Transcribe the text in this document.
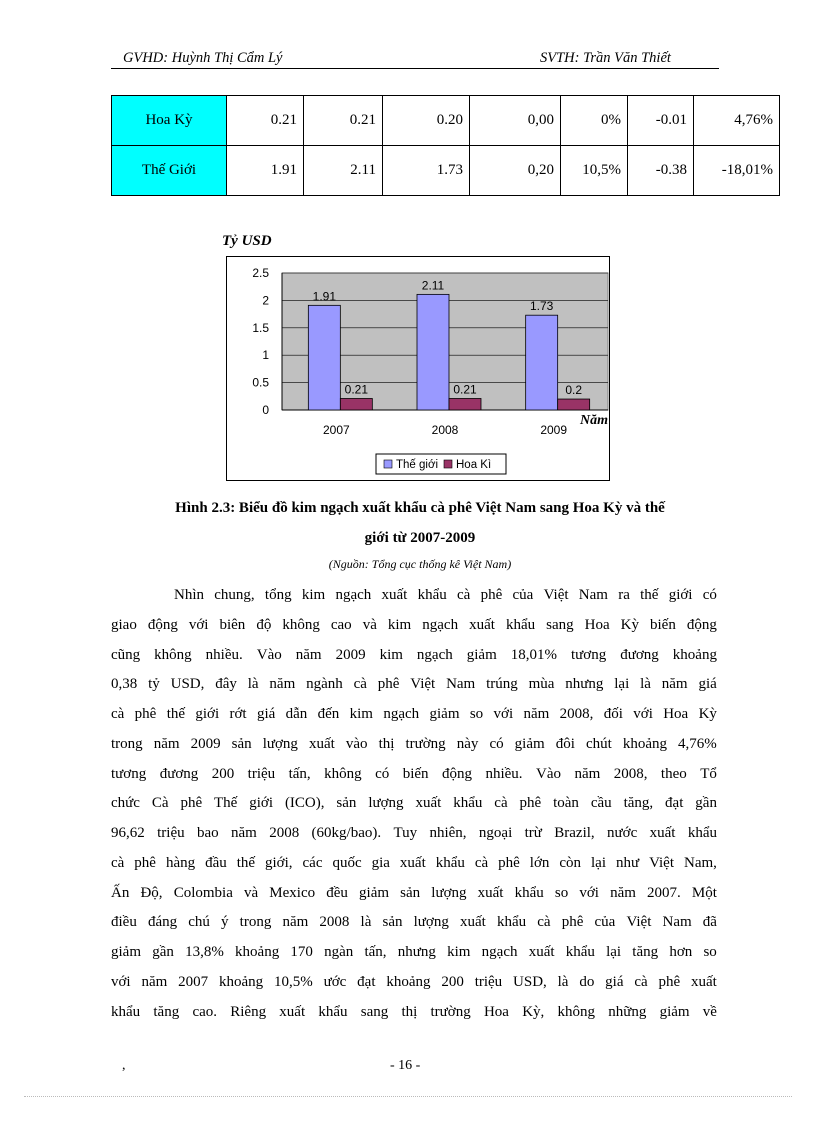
GVHD: Huỳnh Thị Cẩm Lý	SVTH: Trần Văn Thiết
Hoa Kỳ	0.21	0.21	0.20	0,00	0%	-0.01	4,76%
Thế Giới	1.91	2.11	1.73	0,20	10,5%	-0.38	-18,01%
Tỷ USD
0
0.5
1
1.5
2
2.5
1.91
0.21
2007
2.11
0.21
2008
1.73
0.2
2009
Năm
Thế giới Hoa Kì
Hình 2.3: Biểu đồ kim ngạch xuất khẩu cà phê Việt Nam sang Hoa Kỳ và thế
giới từ 2007-2009
(Nguồn: Tổng cục thống kê Việt Nam)
Nhìn chung, tổng kim ngạch xuất khẩu cà phê của Việt Nam ra thế giới có
giao động với biên độ không cao và kim ngạch xuất khẩu sang Hoa Kỳ biến động
cũng không nhiều. Vào năm 2009 kim ngạch giảm 18,01% tương đương khoảng
0,38 tỷ USD, đây là năm ngành cà phê Việt Nam trúng mùa nhưng lại là năm giá
cà phê thế giới rớt giá dẫn đến kim ngạch giảm so với năm 2008, đối với Hoa Kỳ
trong năm 2009 sản lượng xuất vào thị trường này có giảm đôi chút khoảng 4,76%
tương đương 200 triệu tấn, không có biến động nhiều. Vào năm 2008, theo Tổ
chức Cà phê Thế giới (ICO), sản lượng xuất khẩu cà phê toàn cầu tăng, đạt gần
96,62 triệu bao năm 2008 (60kg/bao). Tuy nhiên, ngoại trừ Brazil, nước xuất khẩu
cà phê hàng đầu thế giới, các quốc gia xuất khẩu cà phê lớn còn lại như Việt Nam,
Ấn Độ, Colombia và Mexico đều giảm sản lượng xuất khẩu so với năm 2007. Một
điều đáng chú ý trong năm 2008 là sản lượng xuất khẩu cà phê của Việt Nam đã
giảm gần 13,8% khoảng 170 ngàn tấn, nhưng kim ngạch xuất khẩu lại tăng hơn so
với năm 2007 khoảng 10,5% ước đạt khoảng 200 triệu USD, là do giá cà phê xuất
khẩu tăng cao. Riêng xuất khẩu sang thị trường Hoa Kỳ, không những giảm về
,	- 16 -
